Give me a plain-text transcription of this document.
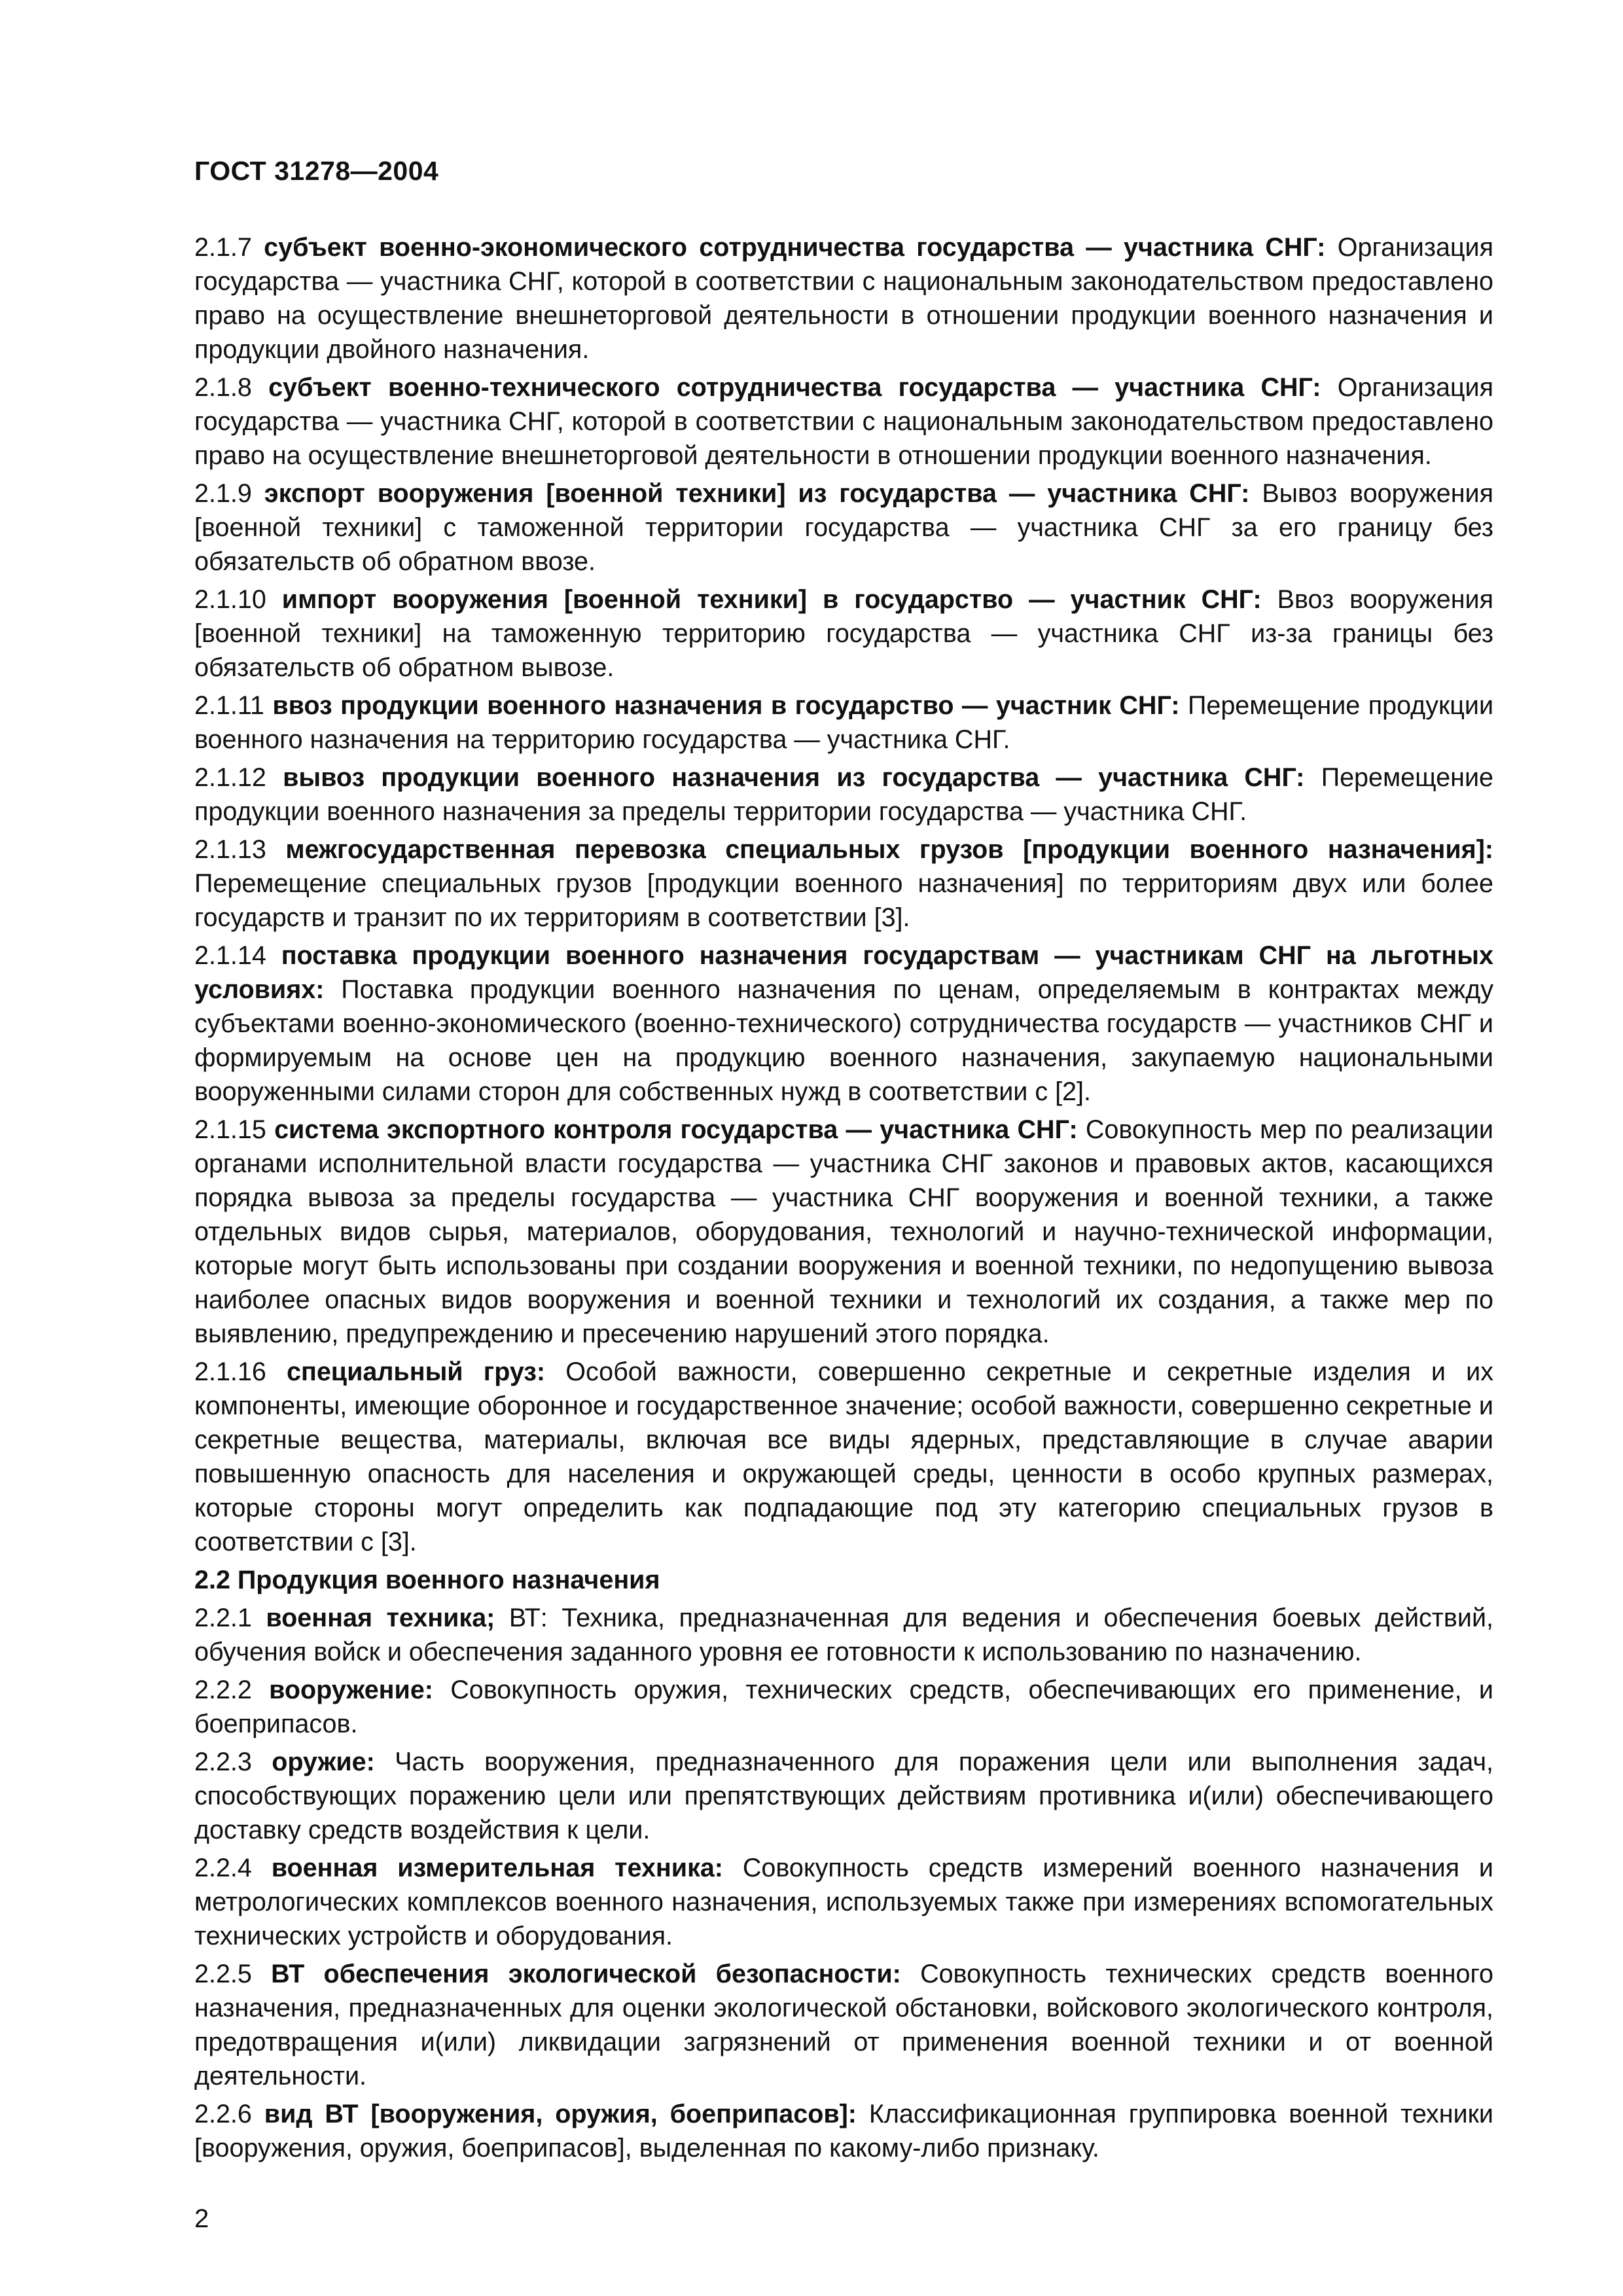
ГОСТ 31278—2004

2.1.7 субъект военно-экономического сотрудничества государства — участника СНГ: Организация государства — участника СНГ, которой в соответствии с национальным законодательством предоставлено право на осуществление внешнеторговой деятельности в отношении продукции военного назначения и продукции двойного назначения.

2.1.8 субъект военно-технического сотрудничества государства — участника СНГ: Организация государства — участника СНГ, которой в соответствии с национальным законодательством предоставлено право на осуществление внешнеторговой деятельности в отношении продукции военного назначения.

2.1.9 экспорт вооружения [военной техники] из государства — участника СНГ: Вывоз вооружения [военной техники] с таможенной территории государства — участника СНГ за его границу без обязательств об обратном ввозе.

2.1.10 импорт вооружения [военной техники] в государство — участник СНГ: Ввоз вооружения [военной техники] на таможенную территорию государства — участника СНГ из-за границы без обязательств об обратном вывозе.

2.1.11 ввоз продукции военного назначения в государство — участник СНГ: Перемещение продукции военного назначения на территорию государства — участника СНГ.

2.1.12 вывоз продукции военного назначения из государства — участника СНГ: Перемещение продукции военного назначения за пределы территории государства — участника СНГ.

2.1.13 межгосударственная перевозка специальных грузов [продукции военного назначения]: Перемещение специальных грузов [продукции военного назначения] по территориям двух или более государств и транзит по их территориям в соответствии [3].

2.1.14 поставка продукции военного назначения государствам — участникам СНГ на льготных условиях: Поставка продукции военного назначения по ценам, определяемым в контрактах между субъектами военно-экономического (военно-технического) сотрудничества государств — участников СНГ и формируемым на основе цен на продукцию военного назначения, закупаемую национальными вооруженными силами сторон для собственных нужд в соответствии с [2].

2.1.15 система экспортного контроля государства — участника СНГ: Совокупность мер по реализации органами исполнительной власти государства — участника СНГ законов и правовых актов, касающихся порядка вывоза за пределы государства — участника СНГ вооружения и военной техники, а также отдельных видов сырья, материалов, оборудования, технологий и научно-технической информации, которые могут быть использованы при создании вооружения и военной техники, по недопущению вывоза наиболее опасных видов вооружения и военной техники и технологий их создания, а также мер по выявлению, предупреждению и пресечению нарушений этого порядка.

2.1.16 специальный груз: Особой важности, совершенно секретные и секретные изделия и их компоненты, имеющие оборонное и государственное значение; особой важности, совершенно секретные и секретные вещества, материалы, включая все виды ядерных, представляющие в случае аварии повышенную опасность для населения и окружающей среды, ценности в особо крупных размерах, которые стороны могут определить как подпадающие под эту категорию специальных грузов в соответствии с [3].

2.2 Продукция военного назначения

2.2.1 военная техника; ВТ: Техника, предназначенная для ведения и обеспечения боевых действий, обучения войск и обеспечения заданного уровня ее готовности к использованию по назначению.

2.2.2 вооружение: Совокупность оружия, технических средств, обеспечивающих его применение, и боеприпасов.

2.2.3 оружие: Часть вооружения, предназначенного для поражения цели или выполнения задач, способствующих поражению цели или препятствующих действиям противника и(или) обеспечивающего доставку средств воздействия к цели.

2.2.4 военная измерительная техника: Совокупность средств измерений военного назначения и метрологических комплексов военного назначения, используемых также при измерениях вспомогательных технических устройств и оборудования.

2.2.5 ВТ обеспечения экологической безопасности: Совокупность технических средств военного назначения, предназначенных для оценки экологической обстановки, войскового экологического контроля, предотвращения и(или) ликвидации загрязнений от применения военной техники и от военной деятельности.

2.2.6 вид ВТ [вооружения, оружия, боеприпасов]: Классификационная группировка военной техники [вооружения, оружия, боеприпасов], выделенная по какому-либо признаку.

2
